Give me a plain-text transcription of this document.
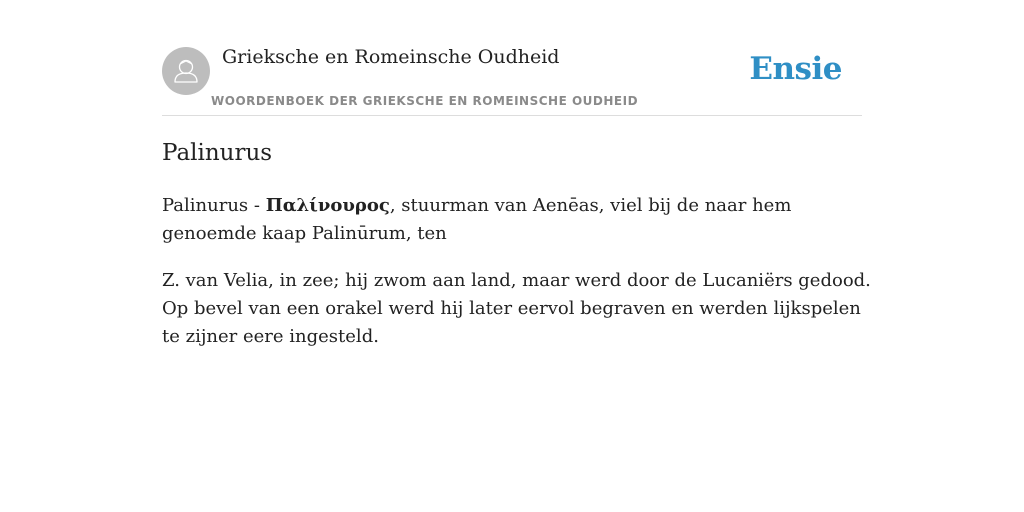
Grieksche en Romeinsche Oudheid
WOORDENBOEK DER GRIEKSCHE EN ROMEINSCHE OUDHEID
Ensie
Palinurus

Palinurus - Παλίνουρος, stuurman van Aenēas, viel bij de naar hem genoemde kaap Palinūrum, ten

Z. van Velia, in zee; hij zwom aan land, maar werd door de Lucaniërs gedood. Op bevel van een orakel werd hij later eervol begraven en werden lijkspelen te zijner eere ingesteld.
